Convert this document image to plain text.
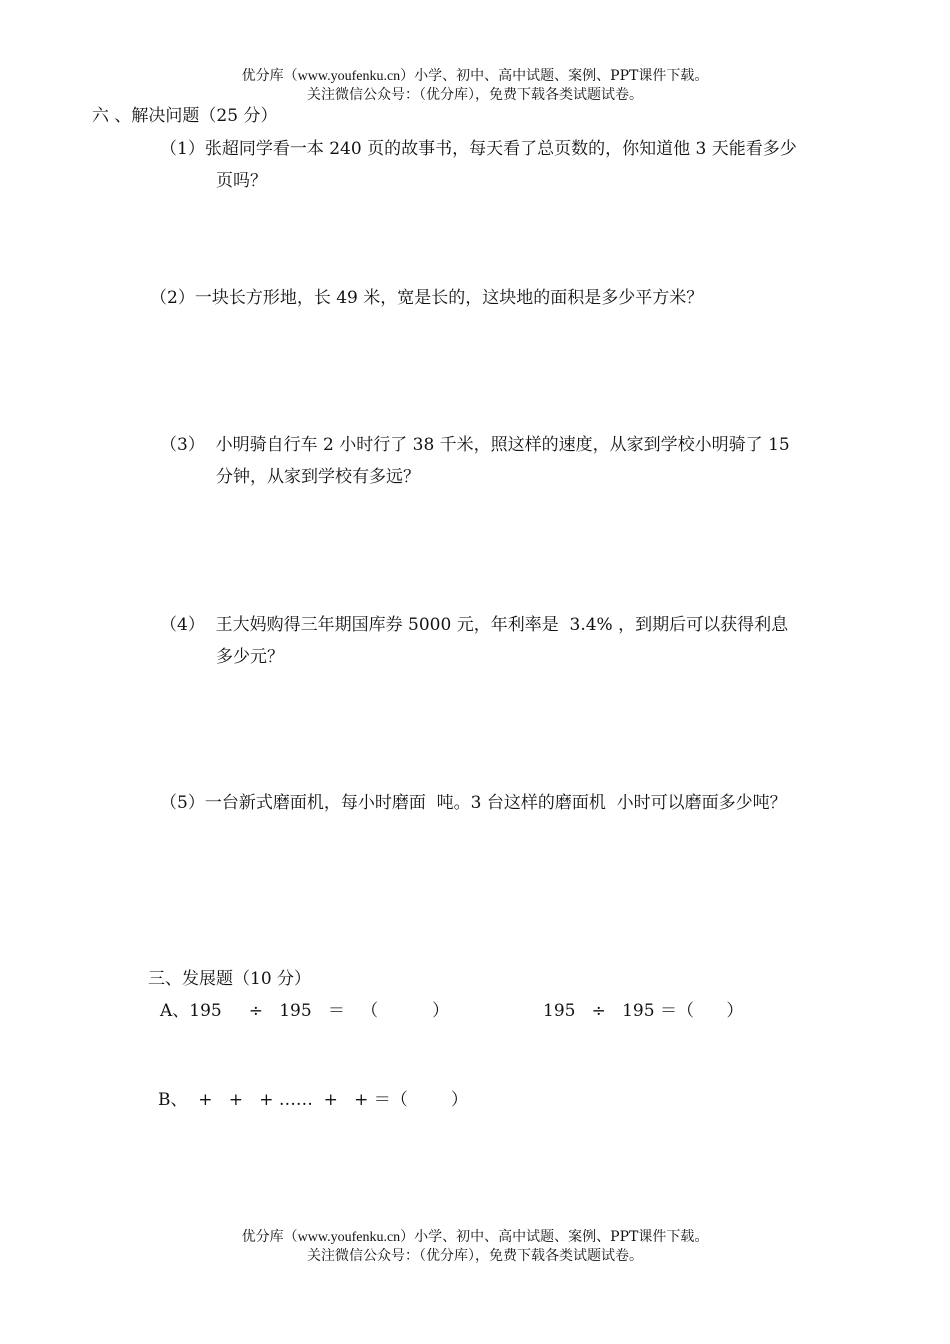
优分库（www.youfenku.cn）小学、初中、高中试题、案例、PPT课件下载。
关注微信公众号：（优分库），免费下载各类试题试卷。
六 、解决问题（25 分）
（1）张超同学看一本 240 页的故事书，每天看了总页数的，你知道他 3 天能看多少
页吗？
（2）一块长方形地，长 49 米，宽是长的，这块地的面积是多少平方米？
（3）  小明骑自行车 2 小时行了 38 千米，照这样的速度，从家到学校小明骑了 15
分钟，从家到学校有多远？
（4）  王大妈购得三年期国库券 5000 元，年利率是  3.4% ，到期后可以获得利息
多少元？
（5）一台新式磨面机，每小时磨面  吨。3 台这样的磨面机  小时可以磨面多少吨？
三、发展题（10 分）
A、195     ÷   195   ＝   （          ）	195   ÷   195 ＝（      ）
B、  +   +   + ……  +   + ＝（        ）
优分库（www.youfenku.cn）小学、初中、高中试题、案例、PPT课件下载。
关注微信公众号：（优分库），免费下载各类试题试卷。
